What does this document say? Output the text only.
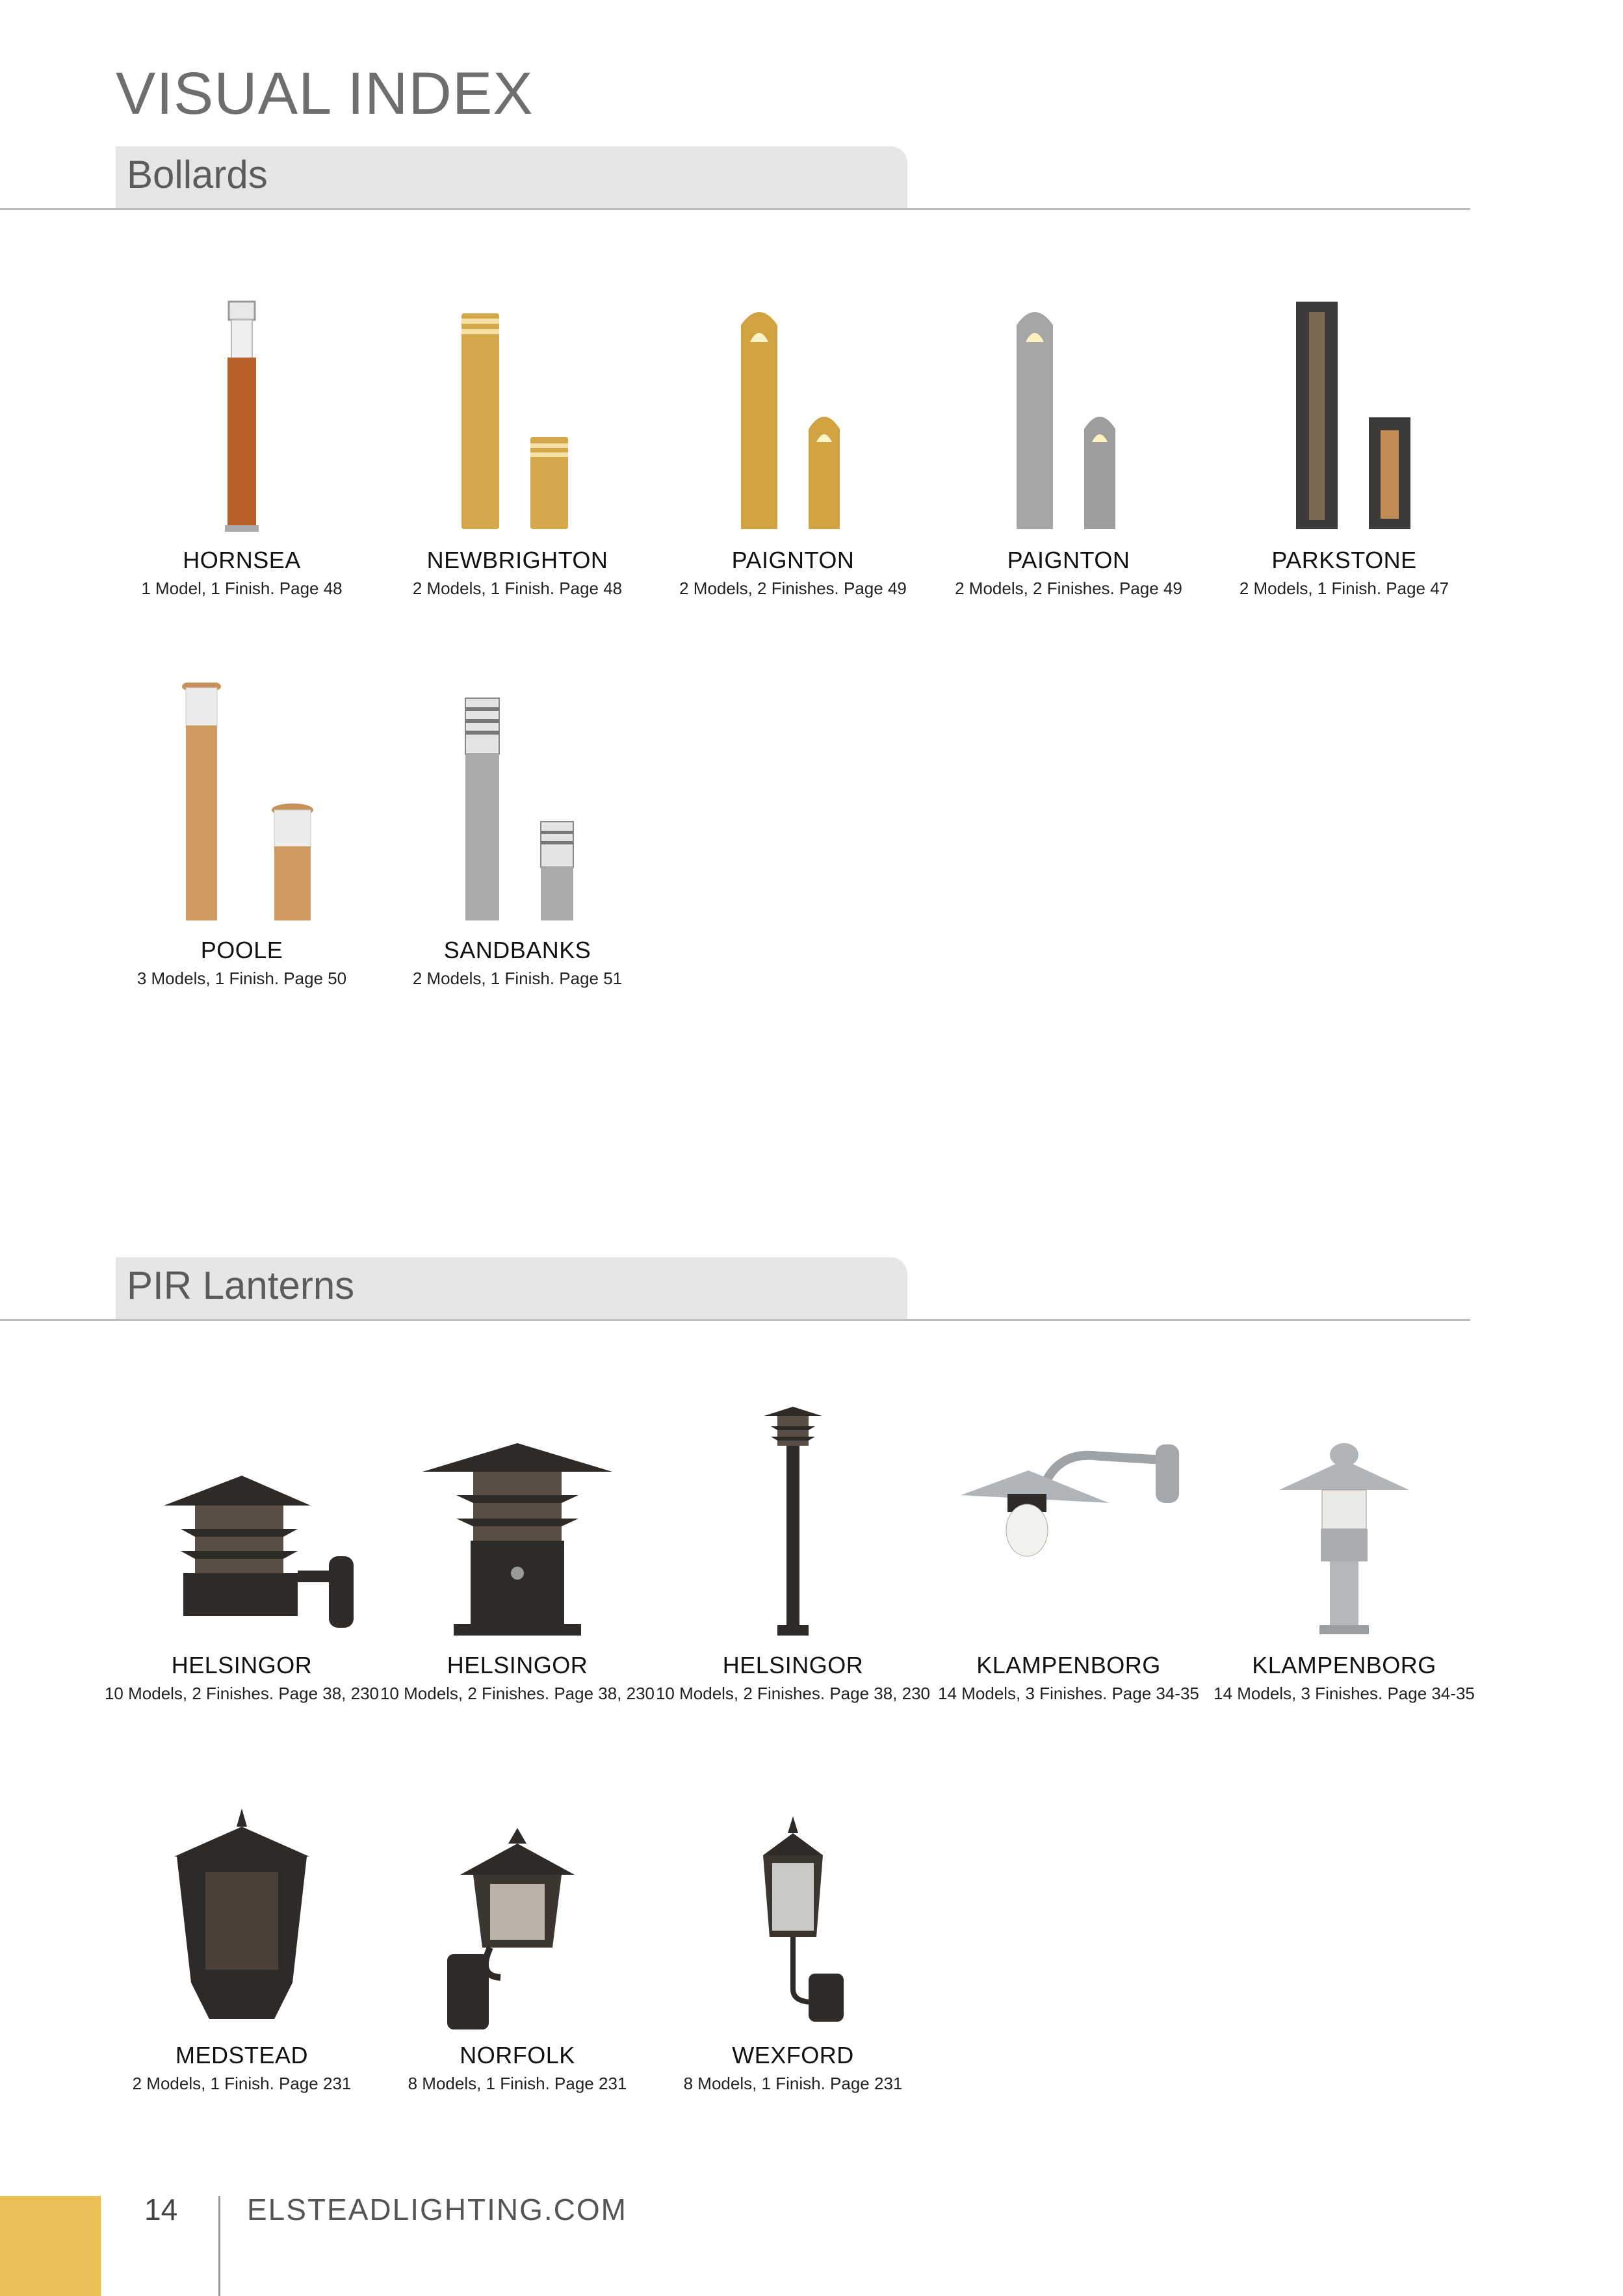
VISUAL INDEX
Bollards
HORNSEA
1 Model, 1 Finish. Page 48
NEWBRIGHTON
2 Models, 1 Finish. Page 48
PAIGNTON
2 Models, 2 Finishes. Page 49
PAIGNTON
2 Models, 2 Finishes. Page 49
PARKSTONE
2 Models, 1 Finish. Page 47
POOLE
3 Models, 1 Finish. Page 50
SANDBANKS
2 Models, 1 Finish. Page 51
PIR Lanterns
HELSINGOR
10 Models, 2 Finishes. Page 38, 230
HELSINGOR
10 Models, 2 Finishes. Page 38, 230
HELSINGOR
10 Models, 2 Finishes. Page 38, 230
KLAMPENBORG
14 Models, 3 Finishes. Page 34-35
KLAMPENBORG
14 Models, 3 Finishes. Page 34-35
MEDSTEAD
2 Models, 1 Finish. Page 231
NORFOLK
8 Models, 1 Finish. Page 231
WEXFORD
8 Models, 1 Finish. Page 231
14 ELSTEADLIGHTING.COM
